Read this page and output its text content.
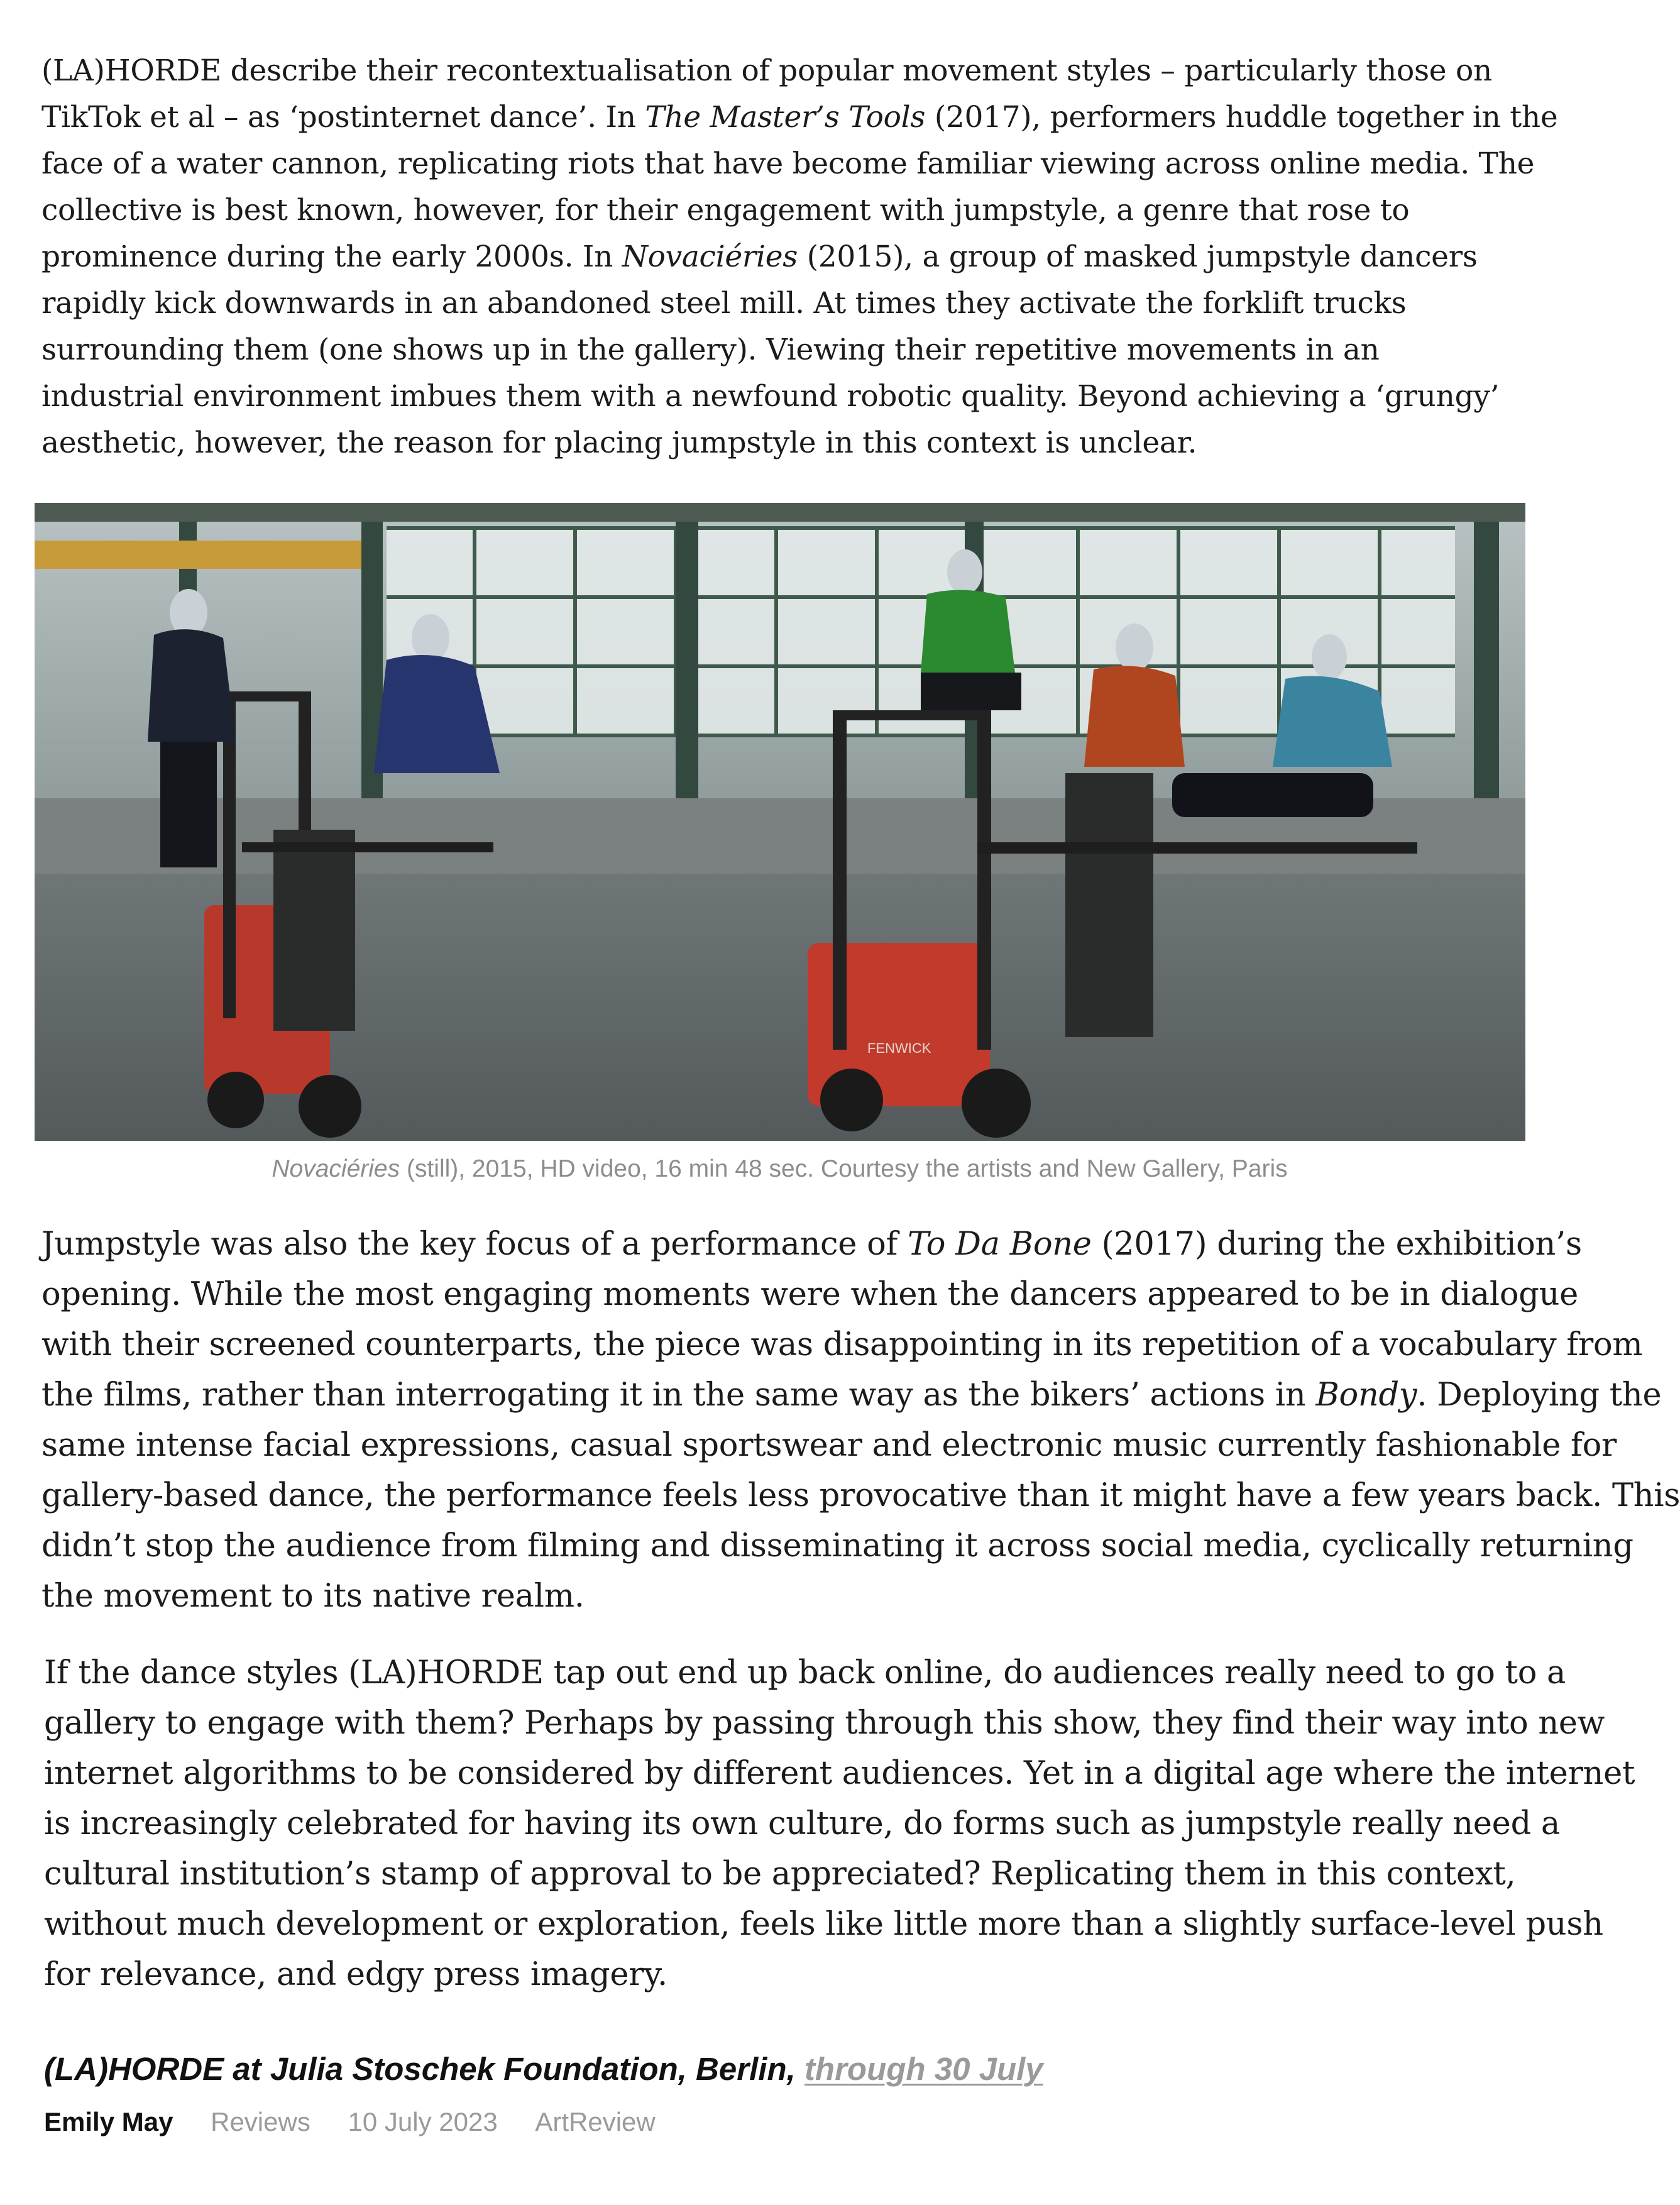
(LA)HORDE describe their recontextualisation of popular movement styles – particularly those on
TikTok et al – as ‘postinternet dance’. In The Master’s Tools (2017), performers huddle together in the
face of a water cannon, replicating riots that have become familiar viewing across online media. The
collective is best known, however, for their engagement with jumpstyle, a genre that rose to
prominence during the early 2000s. In Novaciéries (2015), a group of masked jumpstyle dancers
rapidly kick downwards in an abandoned steel mill. At times they activate the forklift trucks
surrounding them (one shows up in the gallery). Viewing their repetitive movements in an
industrial environment imbues them with a newfound robotic quality. Beyond achieving a ‘grungy’
aesthetic, however, the reason for placing jumpstyle in this context is unclear.
FENWICK
Novaciéries (still), 2015, HD video, 16 min 48 sec. Courtesy the artists and New Gallery, Paris
Jumpstyle was also the key focus of a performance of To Da Bone (2017) during the exhibition’s
opening. While the most engaging moments were when the dancers appeared to be in dialogue
with their screened counterparts, the piece was disappointing in its repetition of a vocabulary from
the films, rather than interrogating it in the same way as the bikers’ actions in Bondy. Deploying the
same intense facial expressions, casual sportswear and electronic music currently fashionable for
gallery-based dance, the performance feels less provocative than it might have a few years back. This
didn’t stop the audience from filming and disseminating it across social media, cyclically returning
the movement to its native realm.
If the dance styles (LA)HORDE tap out end up back online, do audiences really need to go to a
gallery to engage with them? Perhaps by passing through this show, they find their way into new
internet algorithms to be considered by different audiences. Yet in a digital age where the internet
is increasingly celebrated for having its own culture, do forms such as jumpstyle really need a
cultural institution’s stamp of approval to be appreciated? Replicating them in this context,
without much development or exploration, feels like little more than a slightly surface-level push
for relevance, and edgy press imagery.
(LA)HORDE at Julia Stoschek Foundation, Berlin, through 30 July
Emily May Reviews 10 July 2023 ArtReview
